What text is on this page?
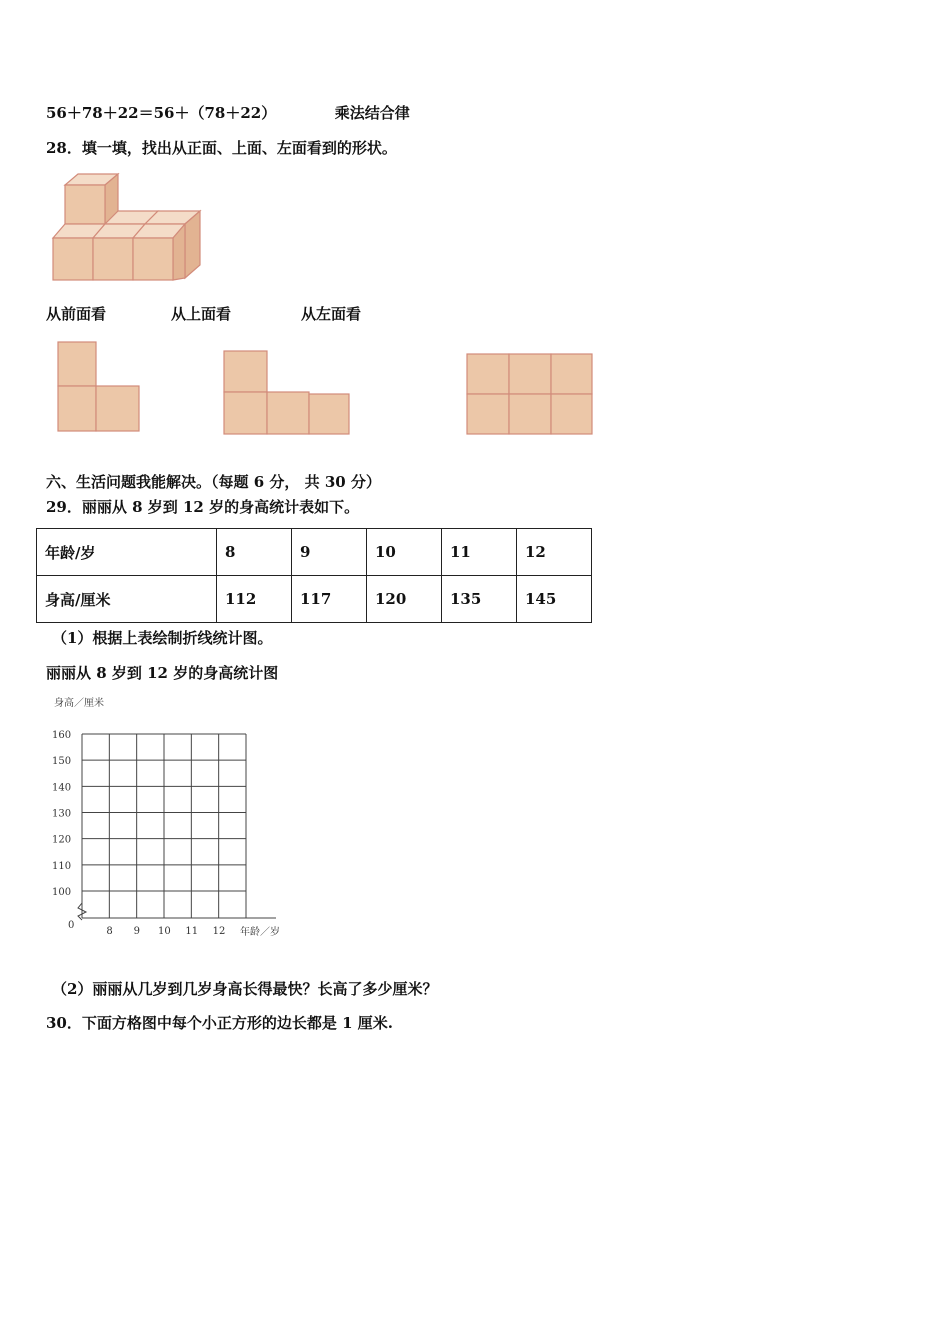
56＋78＋22＝56＋（78＋22）	乘法结合律
28．填一填，找出从正面、上面、左面看到的形状。
从前面看	从上面看	从左面看
六、生活问题我能解决。（每题 6 分， 共 30 分）
29．丽丽从 8 岁到 12 岁的身高统计表如下。
年龄/岁	8	9	10	11	12
身高/厘米	112	117	120	135	145
（1）根据上表绘制折线统计图。
丽丽从 8 岁到 12 岁的身高统计图
身高／厘米
年龄／岁
0
160
150
140
130
120
110
100
8 9 10 11 12
（2）丽丽从几岁到几岁身高长得最快？长高了多少厘米？
30．下面方格图中每个小正方形的边长都是 1 厘米.
